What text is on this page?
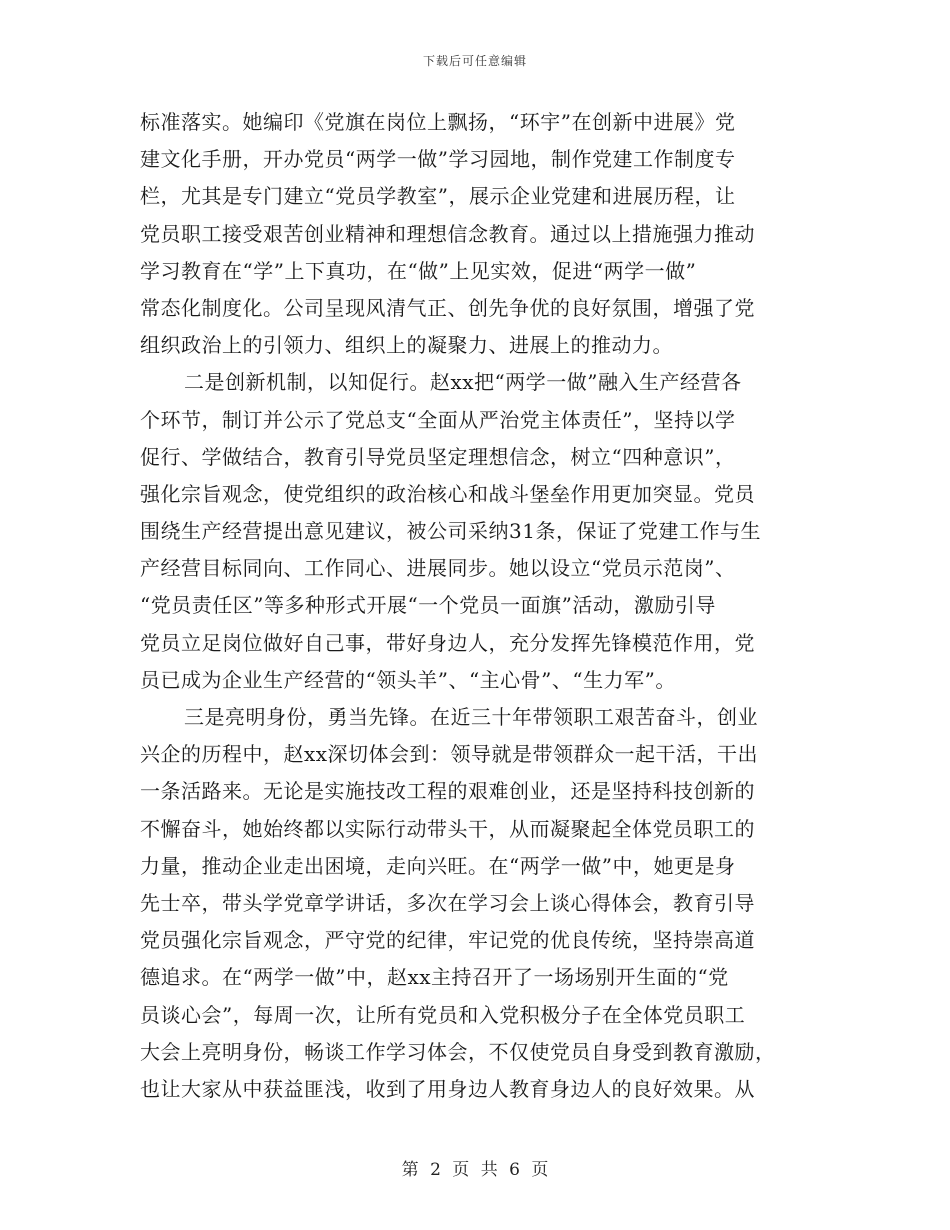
下载后可任意编辑
标准落实。她编印《党旗在岗位上飘扬，“环宇”在创新中进展》党
建文化手册，开办党员“两学一做”学习园地，制作党建工作制度专
栏，尤其是专门建立“党员学教室”，展示企业党建和进展历程，让
党员职工接受艰苦创业精神和理想信念教育。通过以上措施强力推动
学习教育在“学”上下真功，在“做”上见实效，促进“两学一做”
常态化制度化。公司呈现风清气正、创先争优的良好氛围，增强了党
组织政治上的引领力、组织上的凝聚力、进展上的推动力。
二是创新机制，以知促行。赵xx把“两学一做”融入生产经营各
个环节，制订并公示了党总支“全面从严治党主体责任”，坚持以学
促行、学做结合，教育引导党员坚定理想信念，树立“四种意识”，
强化宗旨观念，使党组织的政治核心和战斗堡垒作用更加突显。党员
围绕生产经营提出意见建议，被公司采纳31条，保证了党建工作与生
产经营目标同向、工作同心、进展同步。她以设立“党员示范岗”、
“党员责任区”等多种形式开展“一个党员一面旗”活动，激励引导
党员立足岗位做好自己事，带好身边人，充分发挥先锋模范作用，党
员已成为企业生产经营的“领头羊”、“主心骨”、“生力军”。
三是亮明身份，勇当先锋。在近三十年带领职工艰苦奋斗，创业
兴企的历程中，赵xx深切体会到：领导就是带领群众一起干活，干出
一条活路来。无论是实施技改工程的艰难创业，还是坚持科技创新的
不懈奋斗，她始终都以实际行动带头干，从而凝聚起全体党员职工的
力量，推动企业走出困境，走向兴旺。在“两学一做”中，她更是身
先士卒，带头学党章学讲话，多次在学习会上谈心得体会，教育引导
党员强化宗旨观念，严守党的纪律，牢记党的优良传统，坚持崇高道
德追求。在“两学一做”中，赵xx主持召开了一场场别开生面的“党
员谈心会”，每周一次，让所有党员和入党积极分子在全体党员职工
大会上亮明身份，畅谈工作学习体会，不仅使党员自身受到教育激励，
也让大家从中获益匪浅，收到了用身边人教育身边人的良好效果。从
第 2 页 共 6 页
